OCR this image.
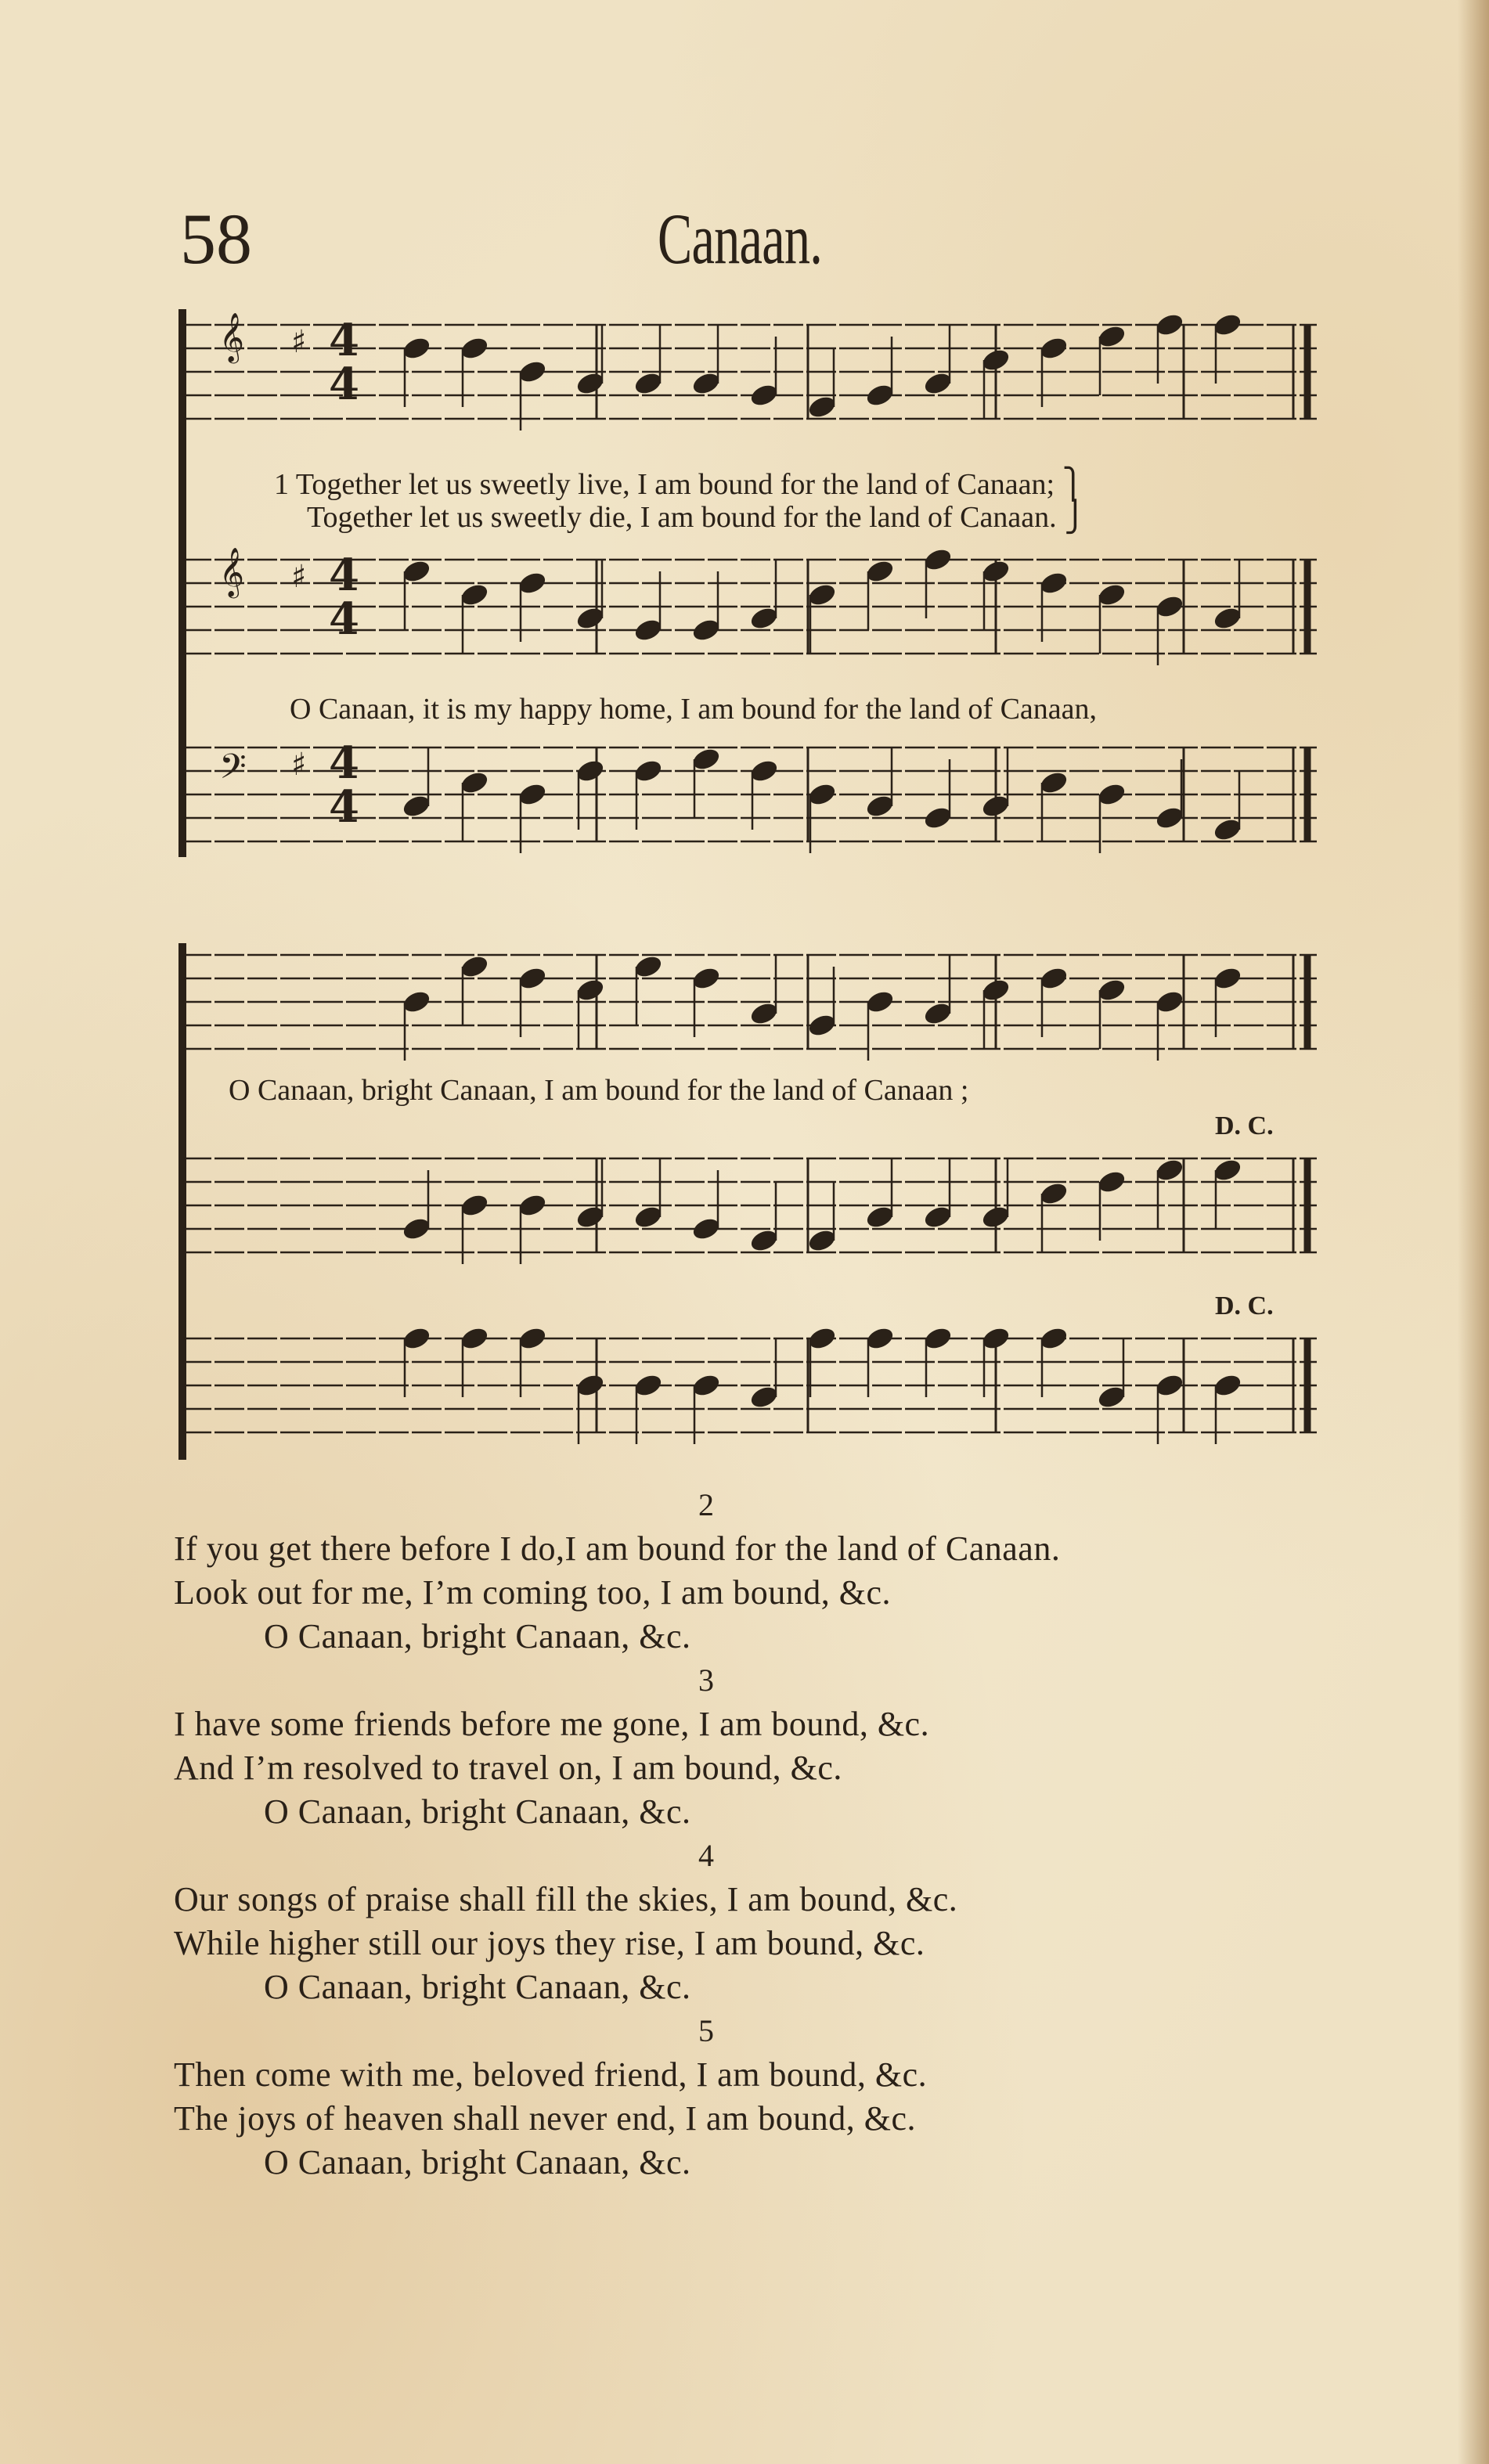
58	Canaan.
𝄞 ♯ 4
4
1 Together let us sweetly live, I am bound for the land of Canaan; ⎫
Together let us sweetly die, I am bound for the land of Canaan. ⎭
𝄞 ♯ 4
4
O Canaan, it is my happy home, I am bound for the land of Canaan,
𝄢 ♯ 4
4
O Canaan, bright Canaan, I am bound for the land of Canaan ;
D. C.
D. C.
2
If you get there before I do,I am bound for the land of Canaan.
Look out for me, I’m coming too, I am bound, &c.
O Canaan, bright Canaan, &c.
3
I have some friends before me gone, I am bound, &c.
And I’m resolved to travel on, I am bound, &c.
O Canaan, bright Canaan, &c.
4
Our songs of praise shall fill the skies, I am bound, &c.
While higher still our joys they rise, I am bound, &c.
O Canaan, bright Canaan, &c.
5
Then come with me, beloved friend, I am bound, &c.
The joys of heaven shall never end, I am bound, &c.
O Canaan, bright Canaan, &c.
